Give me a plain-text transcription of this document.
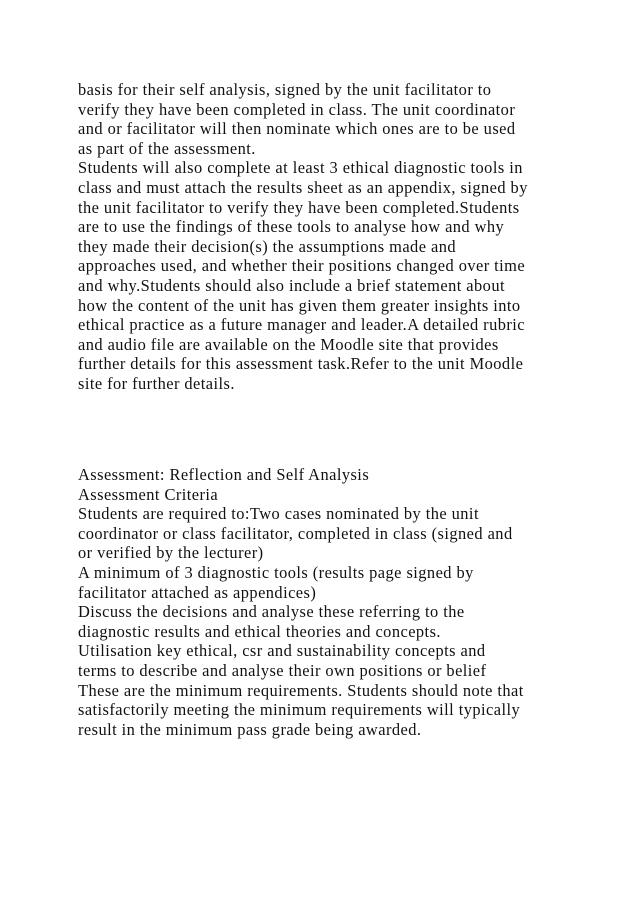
basis for their self analysis, signed by the unit facilitator to
verify they have been completed in class. The unit coordinator
and or facilitator will then nominate which ones are to be used
as part of the assessment.
Students will also complete at least 3 ethical diagnostic tools in
class and must attach the results sheet as an appendix, signed by
the unit facilitator to verify they have been completed.Students
are to use the findings of these tools to analyse how and why
they made their decision(s) the assumptions made and
approaches used, and whether their positions changed over time
and why.Students should also include a brief statement about
how the content of the unit has given them greater insights into
ethical practice as a future manager and leader.A detailed rubric
and audio file are available on the Moodle site that provides
further details for this assessment task.Refer to the unit Moodle
site for further details.
Assessment: Reflection and Self Analysis
Assessment Criteria
Students are required to:Two cases nominated by the unit
coordinator or class facilitator, completed in class (signed and
or verified by the lecturer)
A minimum of 3 diagnostic tools (results page signed by
facilitator attached as appendices)
Discuss the decisions and analyse these referring to the
diagnostic results and ethical theories and concepts.
Utilisation key ethical, csr and sustainability concepts and
terms to describe and analyse their own positions or belief
These are the minimum requirements. Students should note that
satisfactorily meeting the minimum requirements will typically
result in the minimum pass grade being awarded.
